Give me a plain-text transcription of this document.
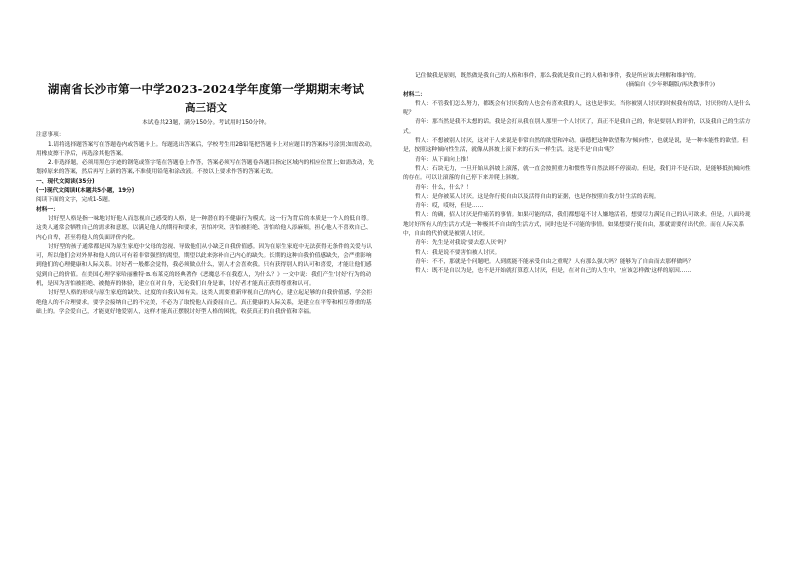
湖南省长沙市第一中学2023-2024学年度第一学期期末考试
高三语文
本试卷共23题，满分150分。考试用时150分钟。

注意事项：

1.请将选择题答案写在答题卷内或答题卡上。每题选出答案后，学校考生用2B铅笔把答题卡上对应题目的答案标号涂黑;如需改动，用橡皮擦干净后，再选涂其他答案。

2.非选择题，必须用黑色字迹的钢笔或签字笔在答题卷上作答，答案必须写在答题卷各题目指定区域内的相应位置上;如需改动，先划掉原来的答案，然后再写上新的答案,不准使用铅笔和涂改液。不按以上要求作答的答案无效。

一、现代文阅读(35分)

(一)现代文阅读I(本题共5小题，19分)

阅读下面的文字，完成1-5题。

材料一：

讨好型人格是指一味地讨好他人而忽视自己感受的人格，是一种潜在的不健康行为模式。这一行为背后的本质是一个人的低自尊。这类人通常会牺牲自己的需求和意愿，以满足他人的期待和要求，害怕冲突、害怕被拒绝、害怕给他人添麻烦，担心他人不喜欢自己、内心自卑，甚至将他人的负面评价内化。

讨好型的孩子通常都是因为原生家庭中父母的忽视、导致他们从小缺乏自我价值感。因为在原生家庭中无法获得无条件的关爱与认可，所以他们会对外界和他人的认可有着非常强烈的渴望，期望以此来弥补自己内心的缺失。长期的这种自我价值感缺失，会严重影响到他们的心理健康和人际关系。讨好者一般都会觉得，我必须做点什么，别人才会喜欢我。只有获得别人的认可和喜爱，才能让他们感觉到自己的价值。在美国心理学家哈丽雅特·B.布莱克的经典著作《恶魔总不在我惹人，为什么？》一文中说：我们产生'讨好'行为的动机，是因为害怕被拒绝、被抛弃的体验，建立在对自身，无论我们自身是谁，讨好者才能真正获得尊重和认可。

讨好型人格的形成与原生家庭的缺失、过度的自我认知有关。这类人需要重新审视自己的内心，建立起足够的自我价值感，学会拒绝他人的不合理要求。要学会接纳自己的不完美，不必为了取悦他人而委屈自己。真正健康的人际关系，是建立在平等和相互尊重的基础上的。学会爱自己，才能更好地爱别人，这样才能真正摆脱讨好型人格的困扰，收获真正的自我价值和幸福。

记住做我是原则，既然做是我自己的人格和事件，那么我就是我自己的人格和事件，我是所应该去理解和维护的。

(摘编自《少年卵翻版/再决教事件》)

材料二：

哲人：不管我们怎么努力，都既会有讨厌我的人也会有喜欢我的人，这也是事实。当你被别人讨厌的时候我有的话，讨厌你的人是什么呢？

青年：那当然是我不太想的话。我是会打从我在别人那里一个人讨厌了，真正不是我自己的，你是要别人的评价，以及我自己的生活方式。

哲人：不想被别人讨厌，这对于人来说是非常自然的欲望和冲动。康德把这种欲望称为'倾向性'，也就是说，是一种本能性的欲望。但是，按照这种倾向性生活，就像从斜坡上滚下来的石头一样生活。这是不是'自由'呢？

青年：从下面向上推！

哲人：石块无力，一旦开始从斜坡上滚落，就一直会按照重力和惯性等自然法则不停滚动。但是，我们并不是石块，是能够抵抗倾向性的存在。可以让滚落的自己停下来并爬上斜坡。

青年：什么，什么？！

哲人：是你被某人讨厌。这是你行使自由以及活得自由的证据，也是你按照自我方针生活的表现。

青年：哎，哎呀，但是……

哲人：的确，招人讨厌是件痛苦的事情。如果可能的话，我们都想毫不讨人嫌地活着，想要尽力满足自己的认可欲求。但是，八面玲珑地讨好所有人的生活方式是一种极其不自由的生活方式，同时也是不可能的事情。如果想要行使自由，那就需要付出代价。而在人际关系中，自由的代价就是被别人讨厌。

青年：先生是对我说'要去惹人厌'吗？

哲人：我是说不要害怕被人讨厌。

青年：不不，那就是个问题吧。人到底能不能承受自由之重呢？人有那么强大吗？能够为了自由而去那样做吗？

哲人：既不是自以为是，也不是开始就打算惹人讨厌，但是，在对自己的人生中，'应该怎样做'这样的原因……
